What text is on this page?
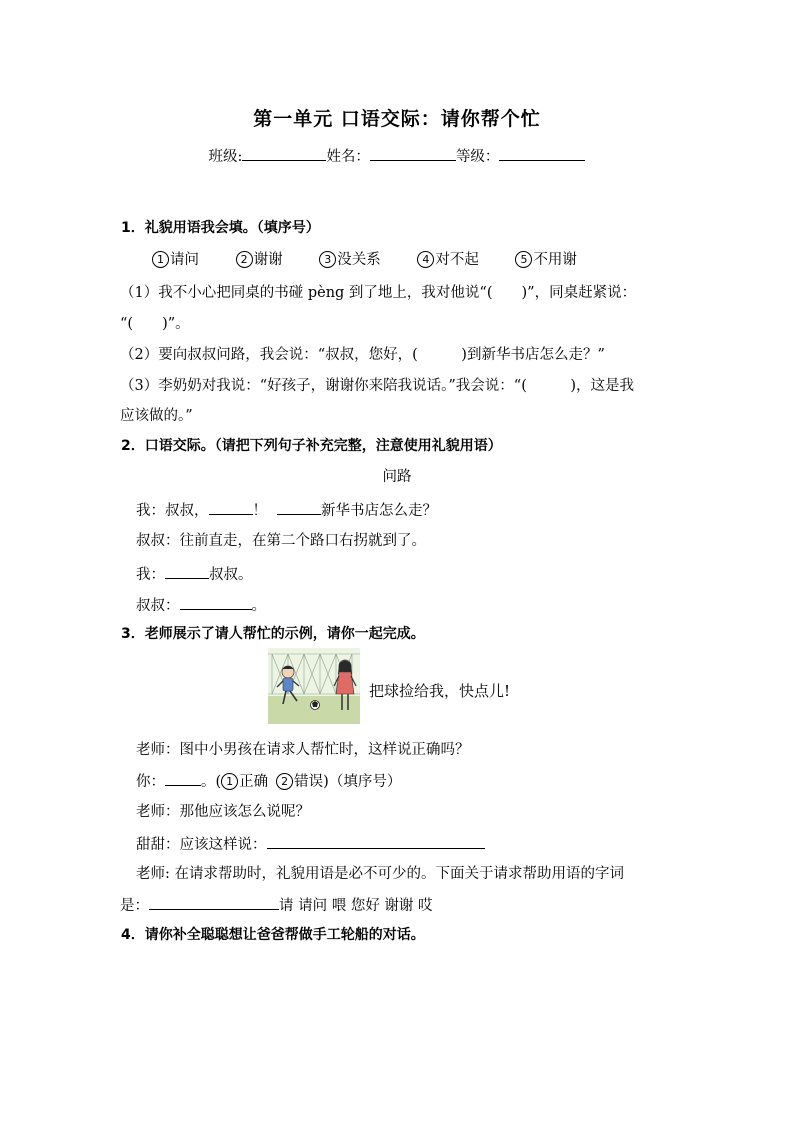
第一单元 口语交际：请你帮个忙
班级:	姓名：	等级：
1．礼貌用语我会填。（填序号）
1 请问	2 谢谢	3 没关系	4 对不起	5 不用谢
（1）我不小心把同桌的书碰 pèng 到了地上，我对他说“(　　)”，同桌赶紧说：
“(　　)”。
（2）要向叔叔问路，我会说：“叔叔，您好，(　　　)到新华书店怎么走？”
（3）李奶奶对我说：“好孩子，谢谢你来陪我说话。”我会说：“(　　　)，这是我
应该做的。”
2．口语交际。（请把下列句子补充完整，注意使用礼貌用语）
问路
我：叔叔，	！	新华书店怎么走？
叔叔：往前直走，在第二个路口右拐就到了。
我：	叔叔。
叔叔：	。
3．老师展示了请人帮忙的示例，请你一起完成。
把球捡给我，快点儿!
老师：图中小男孩在请求人帮忙时，这样说正确吗？
你： 。( 1 正确 2 错误)（填序号）
老师：那他应该怎么说呢？
甜甜：应该这样说：
老师: 在请求帮助时，礼貌用语是必不可少的。下面关于请求帮助用语的字词
是：	请 请问 喂 您好 谢谢 哎
4．请你补全聪聪想让爸爸帮做手工轮船的对话。
